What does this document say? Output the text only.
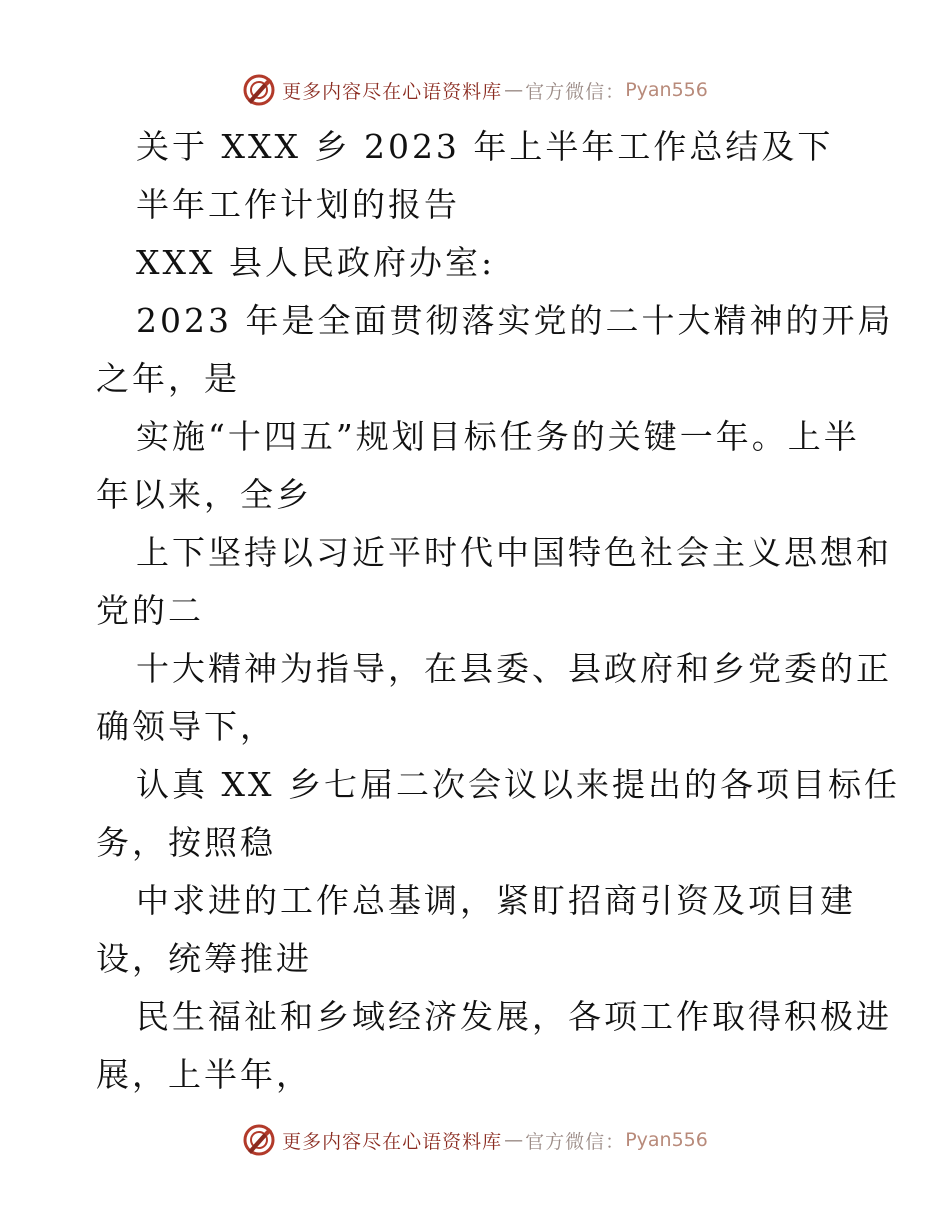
更多内容尽在心语资料库 — 官方微信： Pyan556
关于 XXX 乡 2023 年上半年工作总结及下
半年工作计划的报告
XXX 县人民政府办室:
2023 年是全面贯彻落实党的二十大精神的开局
之年，是
实施“十四五”规划目标任务的关键一年。上半
年以来，全乡
上下坚持以习近平时代中国特色社会主义思想和
党的二
十大精神为指导，在县委、县政府和乡党委的正
确领导下，
认真 XX 乡七届二次会议以来提出的各项目标任
务，按照稳
中求进的工作总基调，紧盯招商引资及项目建
设，统筹推进
民生福祉和乡域经济发展，各项工作取得积极进
展，上半年，
更多内容尽在心语资料库 — 官方微信： Pyan556
